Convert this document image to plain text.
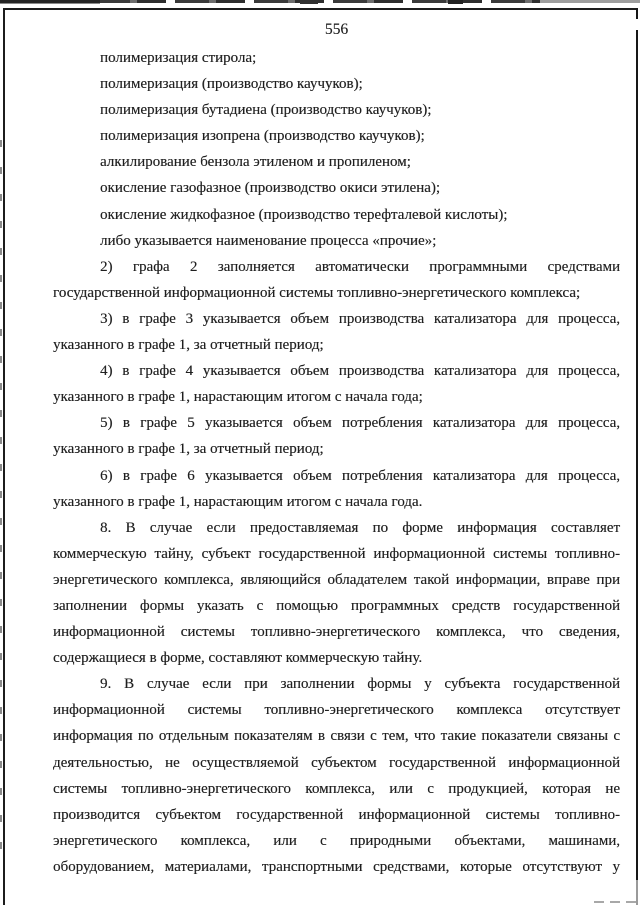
556
полимеризация стирола;
полимеризация (производство каучуков);
полимеризация бутадиена (производство каучуков);
полимеризация изопрена (производство каучуков);
алкилирование бензола этиленом и пропиленом;
окисление газофазное (производство окиси этилена);
окисление жидкофазное (производство терефталевой кислоты);
либо указывается наименование процесса «прочие»;
2) графа 2 заполняется автоматически программными средствами
государственной информационной системы топливно-энергетического комплекса;
3) в графе 3 указывается объем производства катализатора для процесса,
указанного в графе 1, за отчетный период;
4) в графе 4 указывается объем производства катализатора для процесса,
указанного в графе 1, нарастающим итогом с начала года;
5) в графе 5 указывается объем потребления катализатора для процесса,
указанного в графе 1, за отчетный период;
6) в графе 6 указывается объем потребления катализатора для процесса,
указанного в графе 1, нарастающим итогом с начала года.
8. В случае если предоставляемая по форме информация составляет
коммерческую тайну, субъект государственной информационной системы топливно-
энергетического комплекса, являющийся обладателем такой информации, вправе при
заполнении формы указать с помощью программных средств государственной
информационной системы топливно-энергетического комплекса, что сведения,
содержащиеся в форме, составляют коммерческую тайну.
9. В случае если при заполнении формы у субъекта государственной
информационной системы топливно-энергетического комплекса отсутствует
информация по отдельным показателям в связи с тем, что такие показатели связаны с
деятельностью, не осуществляемой субъектом государственной информационной
системы топливно-энергетического комплекса, или с продукцией, которая не
производится субъектом государственной информационной системы топливно-
энергетического комплекса, или с природными объектами, машинами,
оборудованием, материалами, транспортными средствами, которые отсутствуют у
